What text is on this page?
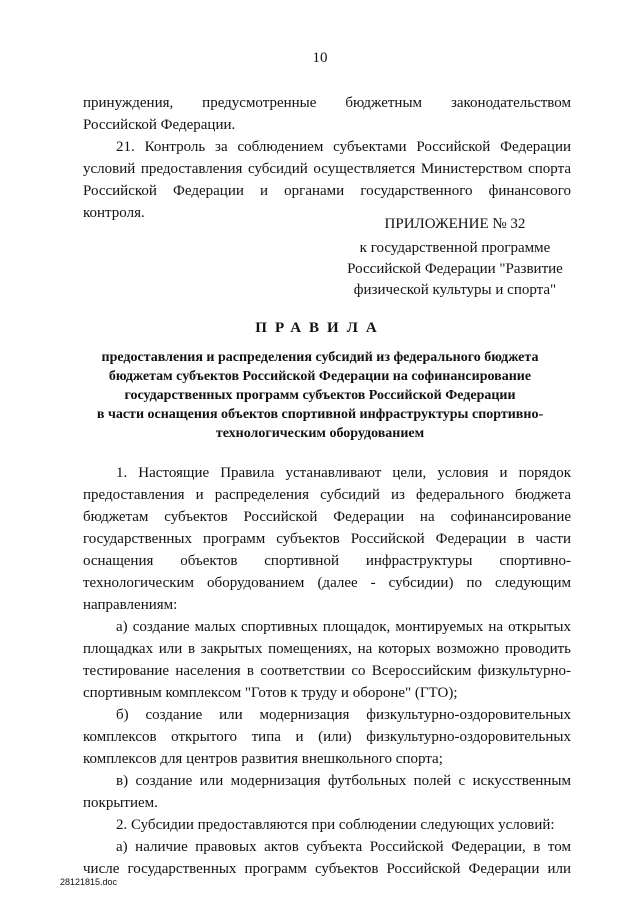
10
принуждения, предусмотренные бюджетным законодательством
Российской Федерации.
21. Контроль за соблюдением субъектами Российской Федерации
условий предоставления субсидий осуществляется Министерством спорта
Российской Федерации и органами государственного финансового
контроля.
ПРИЛОЖЕНИЕ № 32
к государственной программе
Российской Федерации "Развитие
физической культуры и спорта"
ПРАВИЛА
предоставления и распределения субсидий из федерального бюджета
бюджетам субъектов Российской Федерации на софинансирование
государственных программ субъектов Российской Федерации
в части оснащения объектов спортивной инфраструктуры спортивно-
технологическим оборудованием
1. Настоящие Правила устанавливают цели, условия и порядок
предоставления и распределения субсидий из федерального бюджета
бюджетам субъектов Российской Федерации на софинансирование
государственных программ субъектов Российской Федерации в части
оснащения объектов спортивной инфраструктуры спортивно-
технологическим оборудованием (далее - субсидии) по следующим
направлениям:
а) создание малых спортивных площадок, монтируемых на открытых
площадках или в закрытых помещениях, на которых возможно проводить
тестирование населения в соответствии со Всероссийским физкультурно-
спортивным комплексом "Готов к труду и обороне" (ГТО);
б) создание или модернизация физкультурно-оздоровительных
комплексов открытого типа и (или) физкультурно-оздоровительных
комплексов для центров развития внешкольного спорта;
в) создание или модернизация футбольных полей с искусственным
покрытием.
2. Субсидии предоставляются при соблюдении следующих условий:
а) наличие правовых актов субъекта Российской Федерации, в том
числе государственных программ субъектов Российской Федерации или
28121815.doc
